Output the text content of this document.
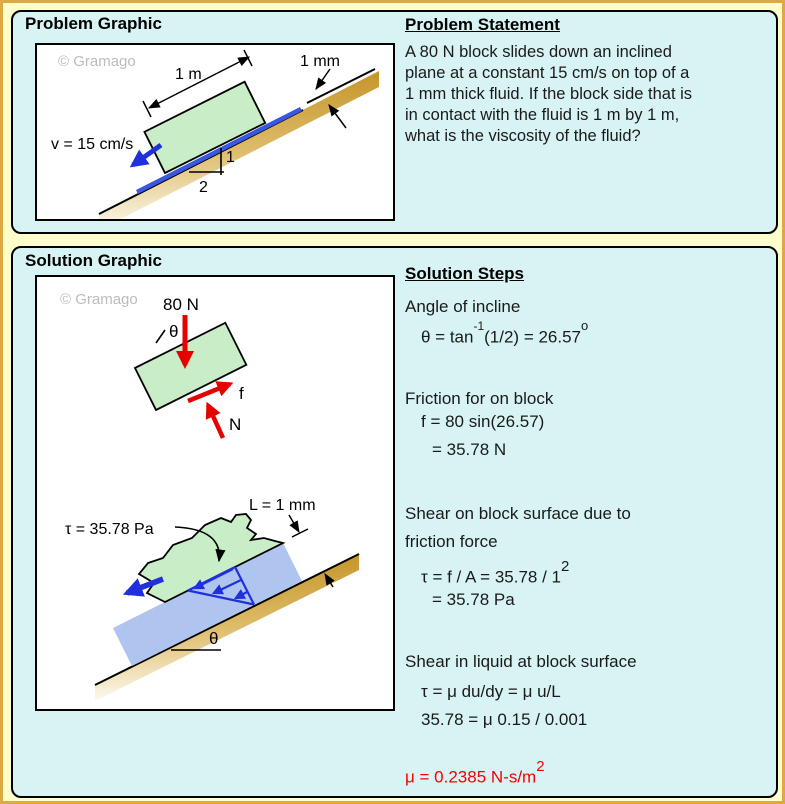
Problem Graphic
1 m
1 mm
v = 15 cm/s
1
2
© Gramago
Problem Statement
A 80 N block slides down an inclined
plane at a constant 15 cm/s on top of a
1 mm thick fluid. If the block side that is
in contact with the fluid is 1 m by 1 m,
what is the viscosity of the fluid?
Solution Graphic
© Gramago 80 N
θ
f
N
τ = 35.78 Pa
L = 1 mm
θ
Solution Steps
Angle of incline
$\theta = \tan^{-1}(1/2) = 26.57^o$
Friction for on block
f = 80 sin(26.57)
= 35.78 N
Shear on block surface due to
friction force
$\tau = f / A = 35.78 / 1^2$
= 35.78 Pa
Shear in liquid at block surface
τ = μ du/dy = μ u/L
35.78 = μ 0.15 / 0.001
μ = 0.2385 $N-s/m^2$
